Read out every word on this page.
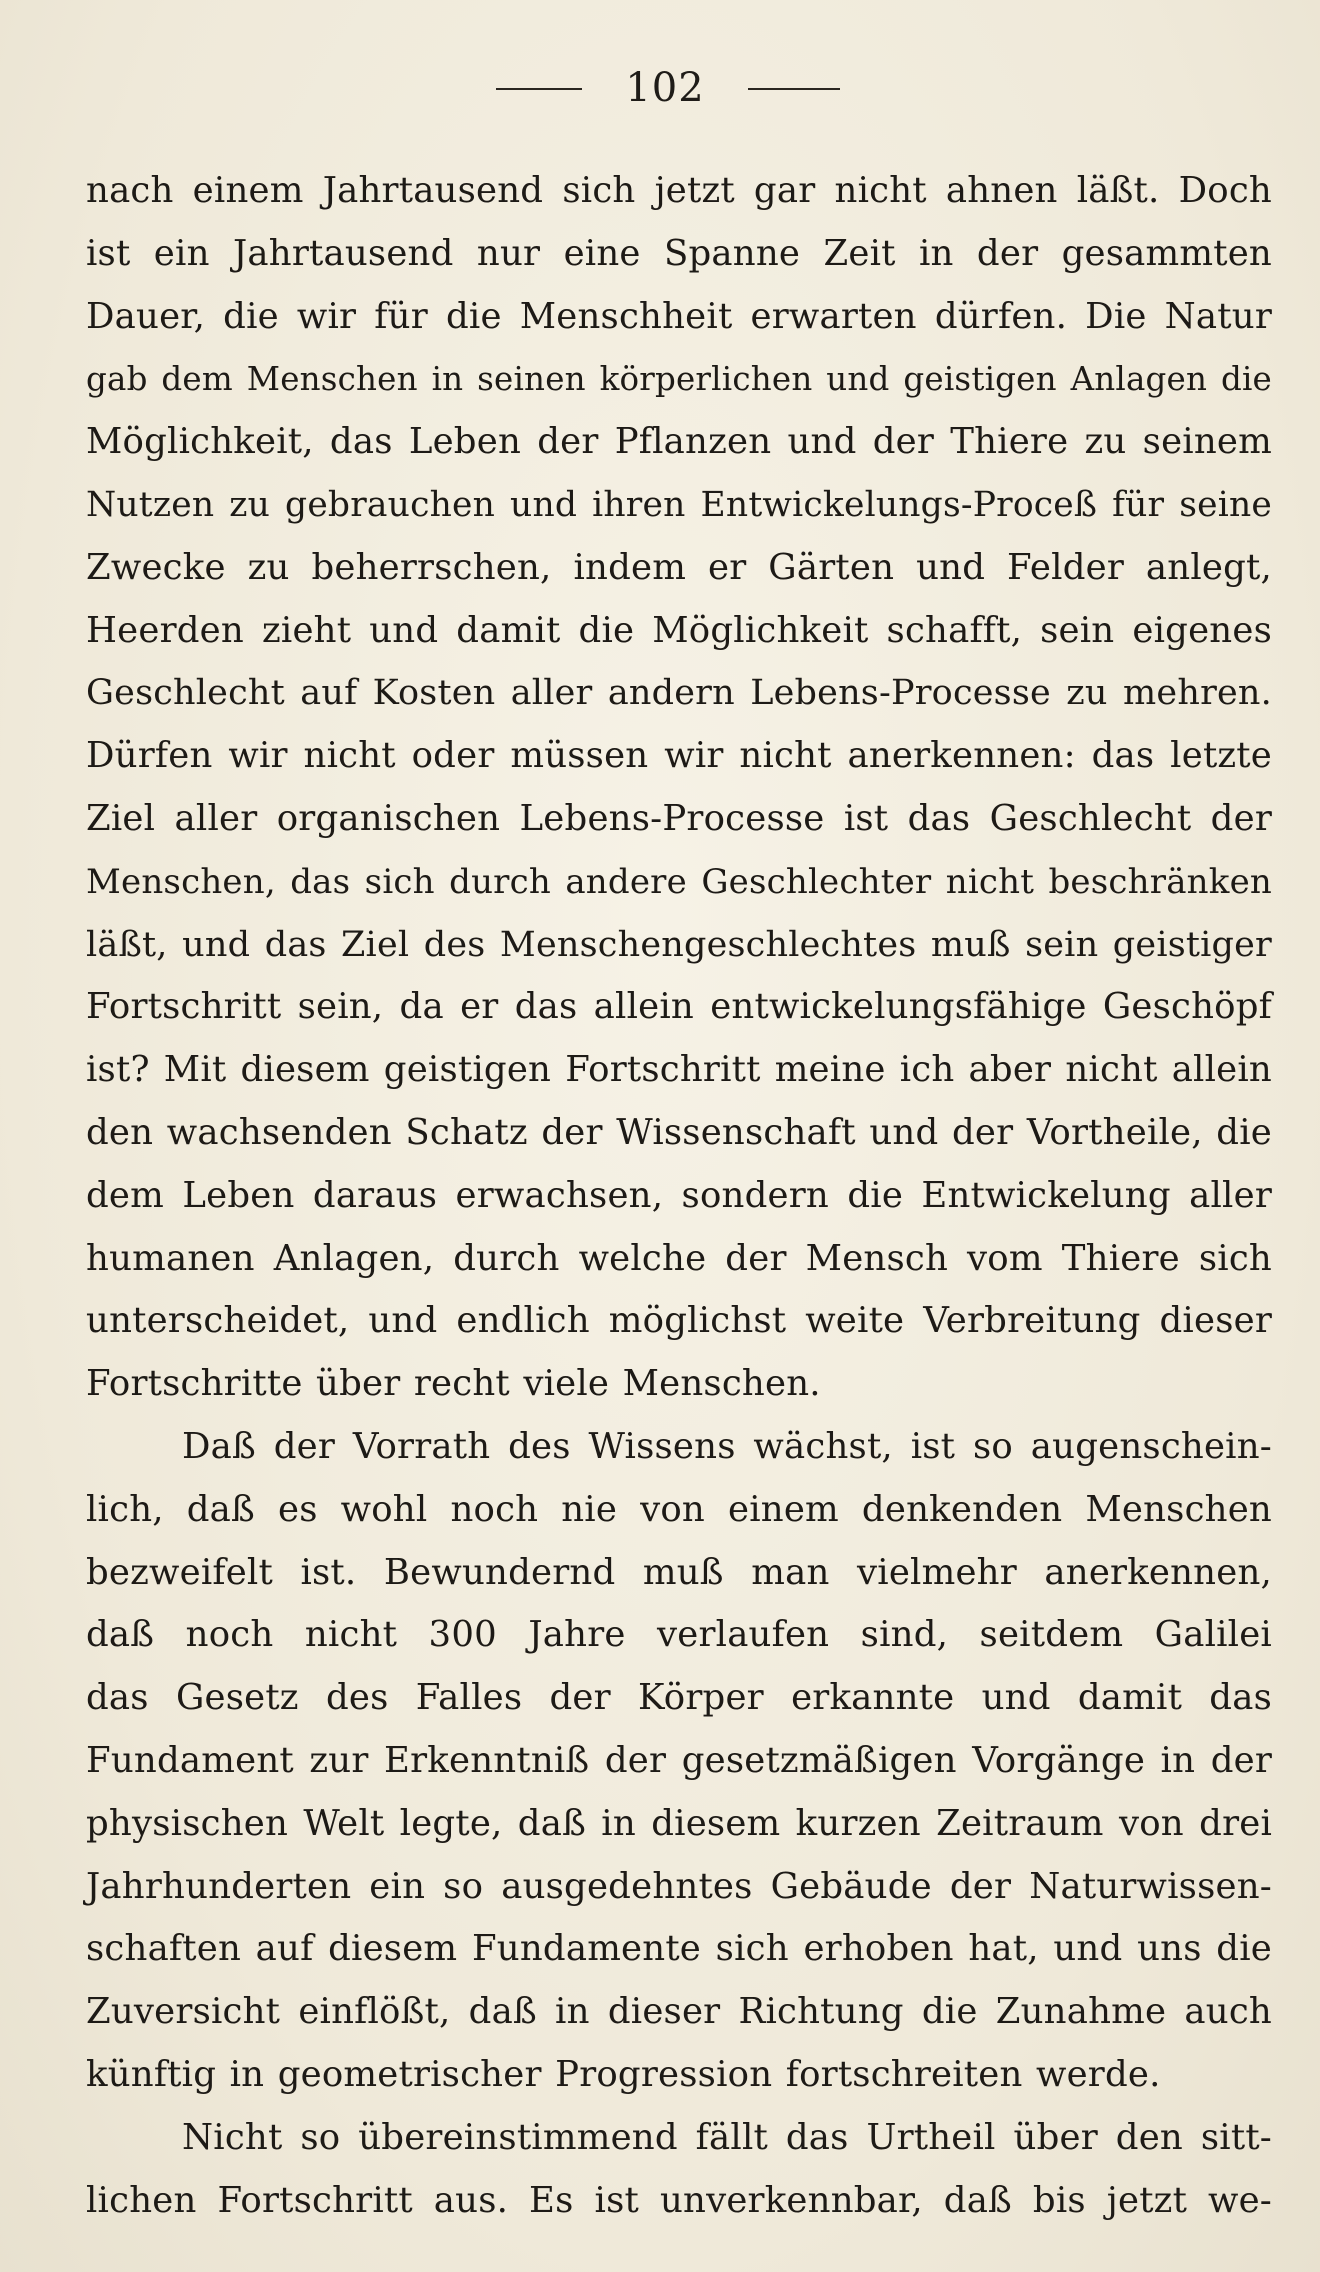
102
nach einem Jahrtausend sich jetzt gar nicht ahnen läßt. Doch
ist ein Jahrtausend nur eine Spanne Zeit in der gesammten
Dauer, die wir für die Menschheit erwarten dürfen. Die Natur
gab dem Menschen in seinen körperlichen und geistigen Anlagen die
Möglichkeit, das Leben der Pflanzen und der Thiere zu seinem
Nutzen zu gebrauchen und ihren Entwickelungs-Proceß für seine
Zwecke zu beherrschen, indem er Gärten und Felder anlegt,
Heerden zieht und damit die Möglichkeit schafft, sein eigenes
Geschlecht auf Kosten aller andern Lebens-Processe zu mehren.
Dürfen wir nicht oder müssen wir nicht anerkennen: das letzte
Ziel aller organischen Lebens-Processe ist das Geschlecht der
Menschen, das sich durch andere Geschlechter nicht beschränken
läßt, und das Ziel des Menschengeschlechtes muß sein geistiger
Fortschritt sein, da er das allein entwickelungsfähige Geschöpf
ist? Mit diesem geistigen Fortschritt meine ich aber nicht allein
den wachsenden Schatz der Wissenschaft und der Vortheile, die
dem Leben daraus erwachsen, sondern die Entwickelung aller
humanen Anlagen, durch welche der Mensch vom Thiere sich
unterscheidet, und endlich möglichst weite Verbreitung dieser
Fortschritte über recht viele Menschen.
Daß der Vorrath des Wissens wächst, ist so augenschein-
lich, daß es wohl noch nie von einem denkenden Menschen
bezweifelt ist. Bewundernd muß man vielmehr anerkennen,
daß noch nicht 300 Jahre verlaufen sind, seitdem Galilei
das Gesetz des Falles der Körper erkannte und damit das
Fundament zur Erkenntniß der gesetzmäßigen Vorgänge in der
physischen Welt legte, daß in diesem kurzen Zeitraum von drei
Jahrhunderten ein so ausgedehntes Gebäude der Naturwissen-
schaften auf diesem Fundamente sich erhoben hat, und uns die
Zuversicht einflößt, daß in dieser Richtung die Zunahme auch
künftig in geometrischer Progression fortschreiten werde.
Nicht so übereinstimmend fällt das Urtheil über den sitt-
lichen Fortschritt aus. Es ist unverkennbar, daß bis jetzt we-
